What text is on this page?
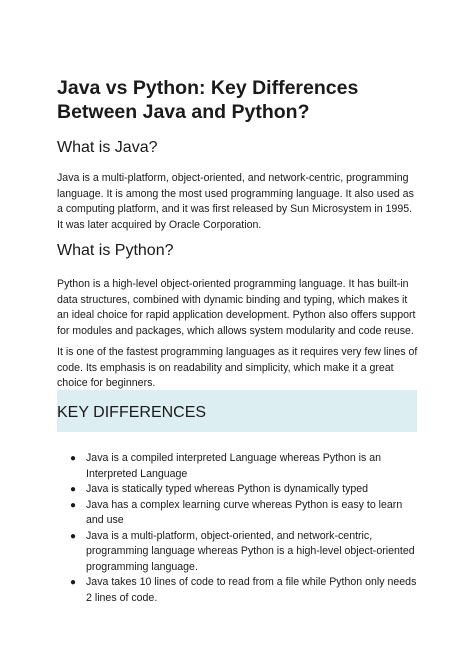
Java vs Python: Key Differences Between Java and Python?
What is Java?

Java is a multi-platform, object-oriented, and network-centric, programming language. It is among the most used programming language. It also used as a computing platform, and it was first released by Sun Microsystem in 1995. It was later acquired by Oracle Corporation.

What is Python?

Python is a high-level object-oriented programming language. It has built-in data structures, combined with dynamic binding and typing, which makes it an ideal choice for rapid application development. Python also offers support for modules and packages, which allows system modularity and code reuse.

It is one of the fastest programming languages as it requires very few lines of code. Its emphasis is on readability and simplicity, which make it a great choice for beginners.

KEY DIFFERENCES
● Java is a compiled interpreted Language whereas Python is an Interpreted Language
● Java is statically typed whereas Python is dynamically typed
● Java has a complex learning curve whereas Python is easy to learn and use
● Java is a multi-platform, object-oriented, and network-centric, programming language whereas Python is a high-level object-oriented programming language.
● Java takes 10 lines of code to read from a file while Python only needs 2 lines of code.
